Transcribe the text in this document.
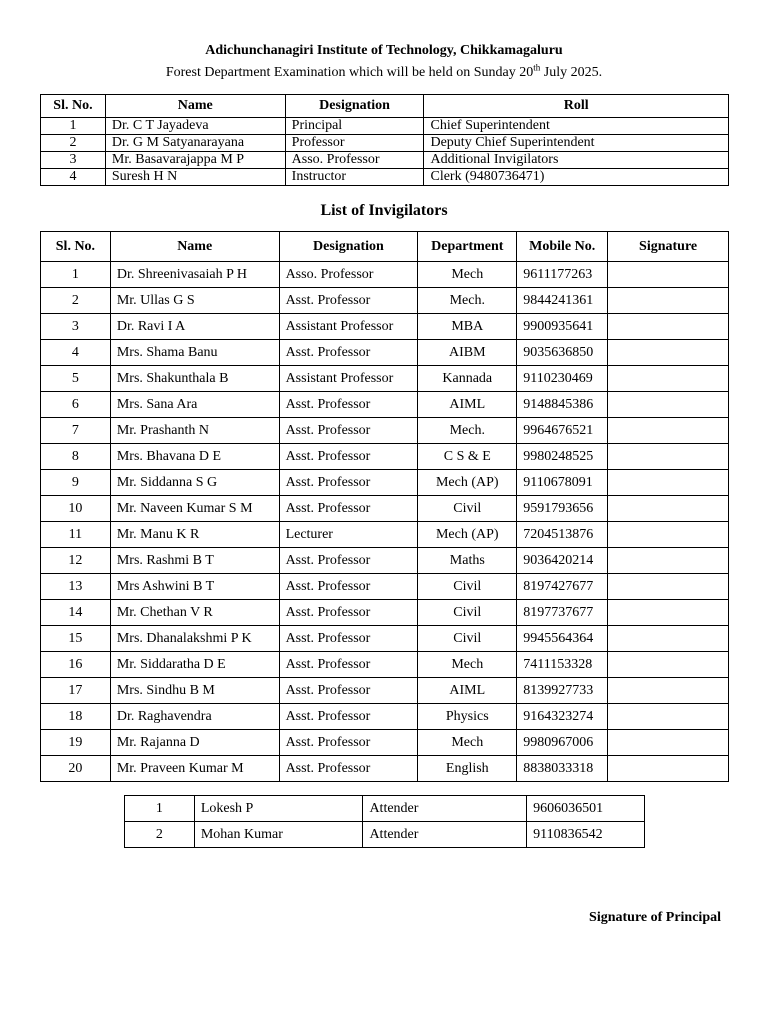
Adichunchanagiri Institute of Technology, Chikkamagaluru
Forest Department Examination which will be held on Sunday 20th July 2025.
Sl. No.	Name	Designation	Roll
1	Dr. C T Jayadeva	Principal	Chief Superintendent
2	Dr. G M Satyanarayana	Professor	Deputy Chief Superintendent
3	Mr. Basavarajappa M P	Asso. Professor	Additional Invigilators
4	Suresh H N	Instructor	Clerk (9480736471)
List of Invigilators
Sl. No.	Name	Designation	Department	Mobile No.	Signature
1	Dr. Shreenivasaiah P H	Asso. Professor	Mech	9611177263	
2	Mr. Ullas G S	Asst. Professor	Mech.	9844241361	
3	Dr. Ravi I A	Assistant Professor	MBA	9900935641	
4	Mrs. Shama Banu	Asst. Professor	AIBM	9035636850	
5	Mrs. Shakunthala B	Assistant Professor	Kannada	9110230469	
6	Mrs. Sana Ara	Asst. Professor	AIML	9148845386	
7	Mr. Prashanth N	Asst. Professor	Mech.	9964676521	
8	Mrs. Bhavana D E	Asst. Professor	C S & E	9980248525	
9	Mr. Siddanna S G	Asst. Professor	Mech (AP)	9110678091	
10	Mr. Naveen Kumar S M	Asst. Professor	Civil	9591793656	
11	Mr. Manu K R	Lecturer	Mech (AP)	7204513876	
12	Mrs. Rashmi B T	Asst. Professor	Maths	9036420214	
13	Mrs Ashwini B T	Asst. Professor	Civil	8197427677	
14	Mr. Chethan V R	Asst. Professor	Civil	8197737677	
15	Mrs. Dhanalakshmi P K	Asst. Professor	Civil	9945564364	
16	Mr. Siddaratha D E	Asst. Professor	Mech	7411153328	
17	Mrs. Sindhu B M	Asst. Professor	AIML	8139927733	
18	Dr. Raghavendra	Asst. Professor	Physics	9164323274	
19	Mr. Rajanna D	Asst. Professor	Mech	9980967006	
20	Mr. Praveen Kumar M	Asst. Professor	English	8838033318	
1	Lokesh P	Attender	9606036501
2	Mohan Kumar	Attender	9110836542
Signature of Principal
